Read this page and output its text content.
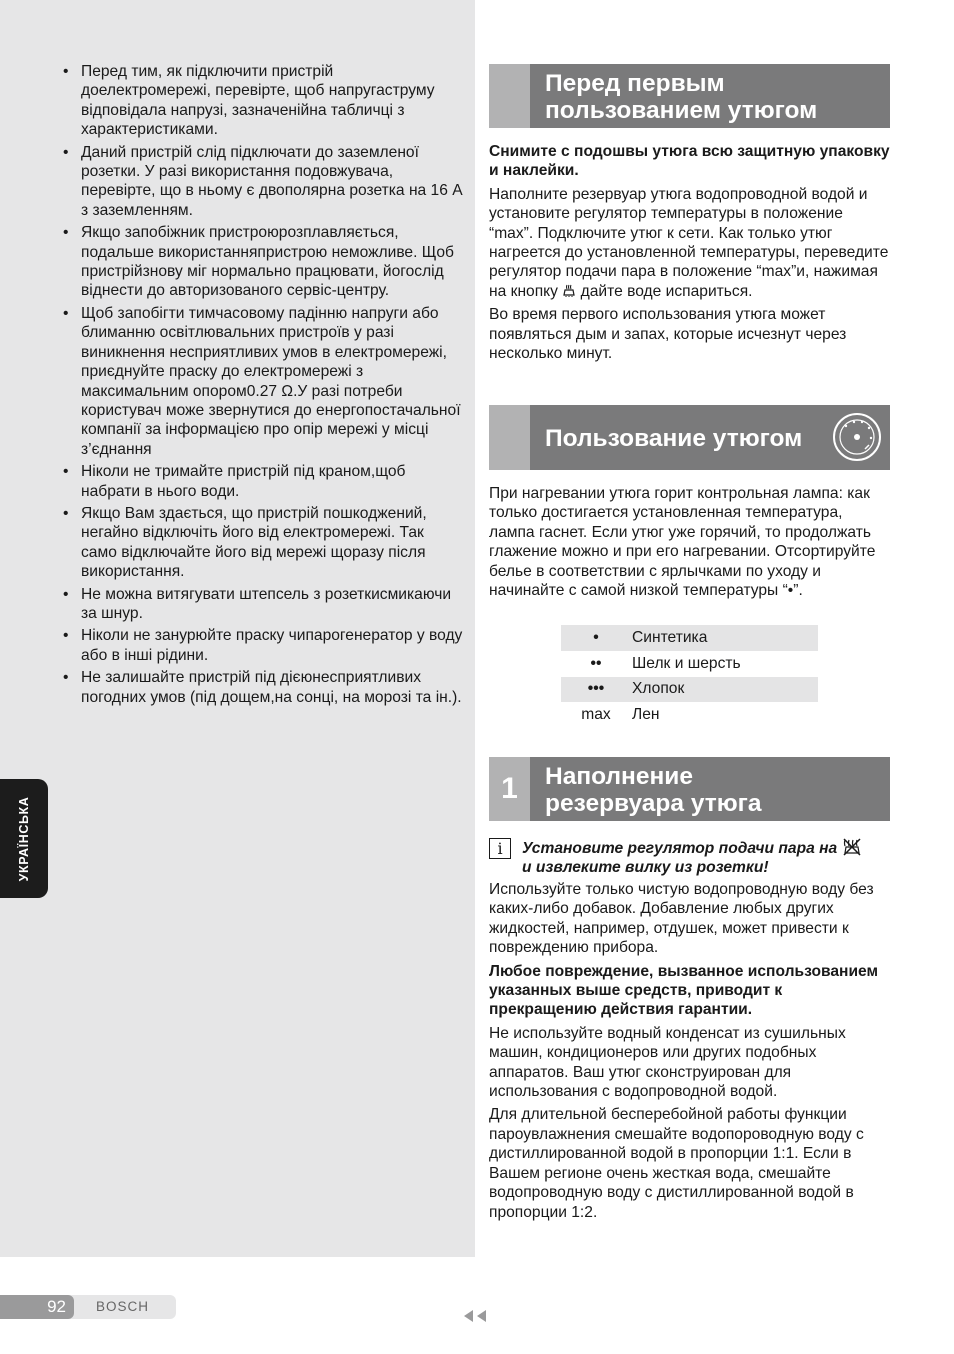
• Перед тим, як підключити пристрій доелектромережі, перевірте, щоб напругаструму відповідала напрузі, зазначенійна табличці з характеристиками.
• Даний пристрій слід підключати до заземленої розетки. У разі використання подовжувача, перевірте, що в ньому є двополярна розетка на 16 А з заземленням.
• Якщо запобіжник пристроюрозплавляється, подальше використанняпристрою неможливе. Щоб пристрійзнову міг нормально працювати, йогослід віднести до авторизованого сервіс-центру.
• Щоб запобігти тимчасовому падінню напруги або блиманню освітлювальних пристроїв у разі виникнення несприятливих умов в електромережі, приєднуйте праску до електромережі з максимальним опором0.27 Ω.У разі потреби користувач може звернутися до енергопостачальної компанії за інформацією про опір мережі у місці з’єднання
• Ніколи не тримайте пристрій під краном,щоб набрати в нього води.
• Якщо Вам здається, що пристрій пошкоджений, негайно відключіть його від електромережі. Так само відключайте його від мережі щоразу після використання.
• Не можна витягувати штепсель з розеткисмикаючи за шнур.
• Ніколи не занурюйте праску чипарогенератор у воду або в інші рідини.
• Не залишайте пристрій під дієюнесприятливих погодних умов (під дощем,на сонці, на морозі та ін.).
УКРАЇНСЬКА
Перед первым пользованием утюгом

Снимите с подошвы утюга всю защитную упаковку и наклейки.

Наполните резервуар утюга водопроводной водой и установите регулятор температуры в положение “max”. Подключите утюг к сети. Как только утюг нагреется до установленной температуры, переведите регулятор подачи пара в положение “max”и, нажимая на кнопку дайте воде испариться.

Во время первого использования утюга может появляться дым и запах, которые исчезнут через несколько минут.

Пользование утюгом

При нагревании утюга горит контрольная лампа: как только достигается установленная температура, лампа гаснет. Если утюг уже горячий, то продолжать глажение можно и при его нагревании. Отсортируйте белье в соответствии с ярлычками по уходу и начинайте с самой низкой температуры “•”.

•	Синтетика
••	Шелк и шерсть
•••	Хлопок
max	Лен
1	Наполнение резервуара утюга
i	Установите регулятор подачи пара на
и извлеките вилку из розетки!

Используйте только чистую водопроводную воду без каких-либо добавок. Добавление любых других жидкостей, например, отдушек, может привести к повреждению прибора.

Любое повреждение, вызванное использованием указанных выше средств, приводит к прекращению действия гарантии.

Не используйте водный конденсат из сушильных машин, кондиционеров или других подобных аппаратов. Ваш утюг сконструирован для использования с водопроводной водой.

Для длительной бесперебойной работы функции пароувлажнения смешайте водопороводную воду с дистиллированной водой в пропорции 1:1. Если в Вашем регионе очень жесткая вода, смешайте водопроводную воду с дистиллированной водой в пропорции 1:2.

92	BOSCH
